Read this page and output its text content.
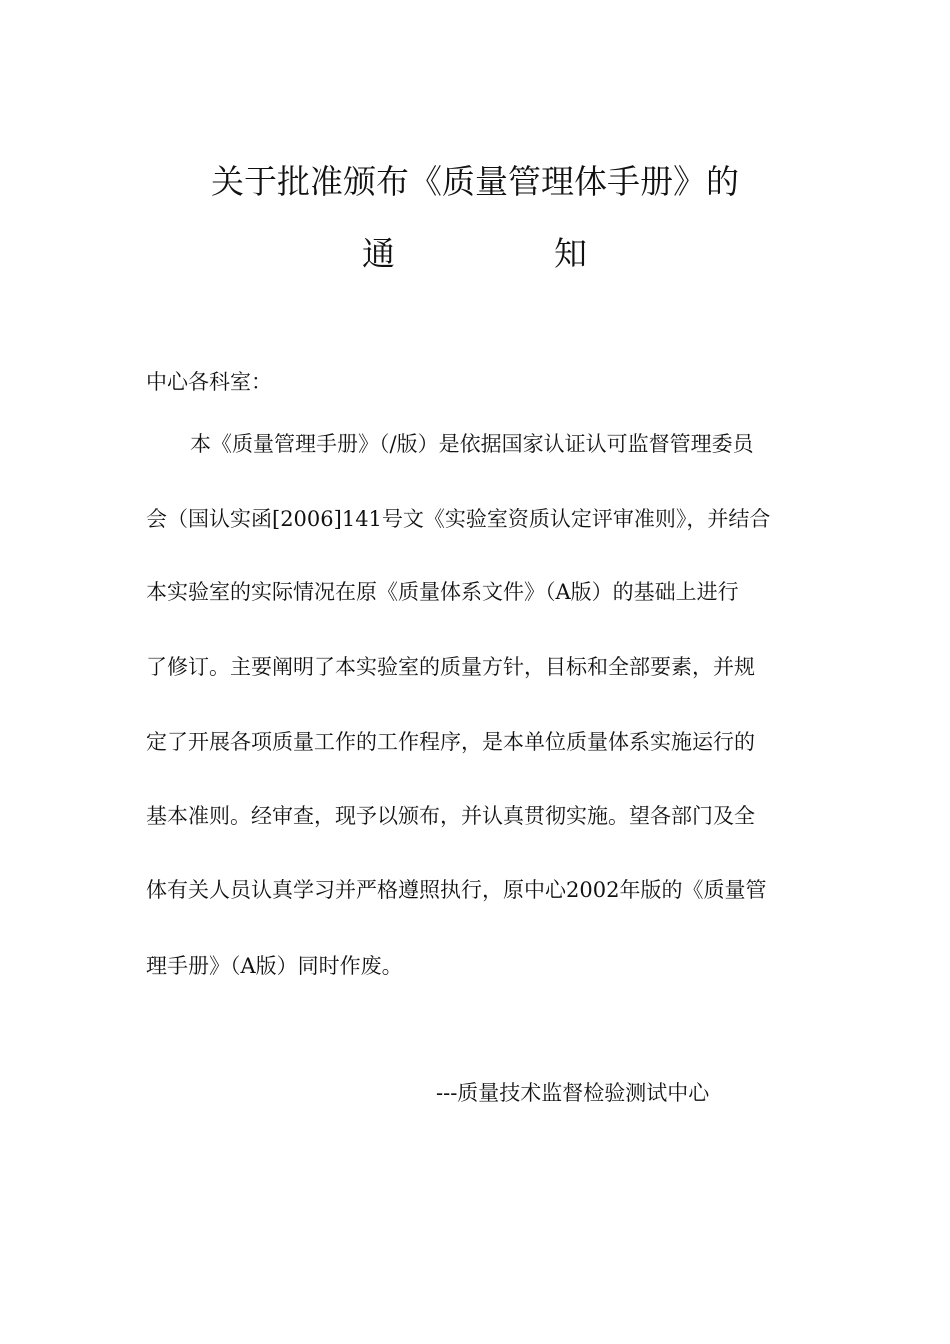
关于批准颁布《质量管理体手册》的
通	知
中心各科室：
本《质量管理手册》（/版）是依据国家认证认可监督管理委员
会（国认实函[2006]141号文《实验室资质认定评审准则》，并结合
本实验室的实际情况在原《质量体系文件》（A版）的基础上进行
了修订。主要阐明了本实验室的质量方针，目标和全部要素，并规
定了开展各项质量工作的工作程序，是本单位质量体系实施运行的
基本准则。经审查，现予以颁布，并认真贯彻实施。望各部门及全
体有关人员认真学习并严格遵照执行，原中心2002年版的《质量管
理手册》（A版）同时作废。
---质量技术监督检验测试中心
